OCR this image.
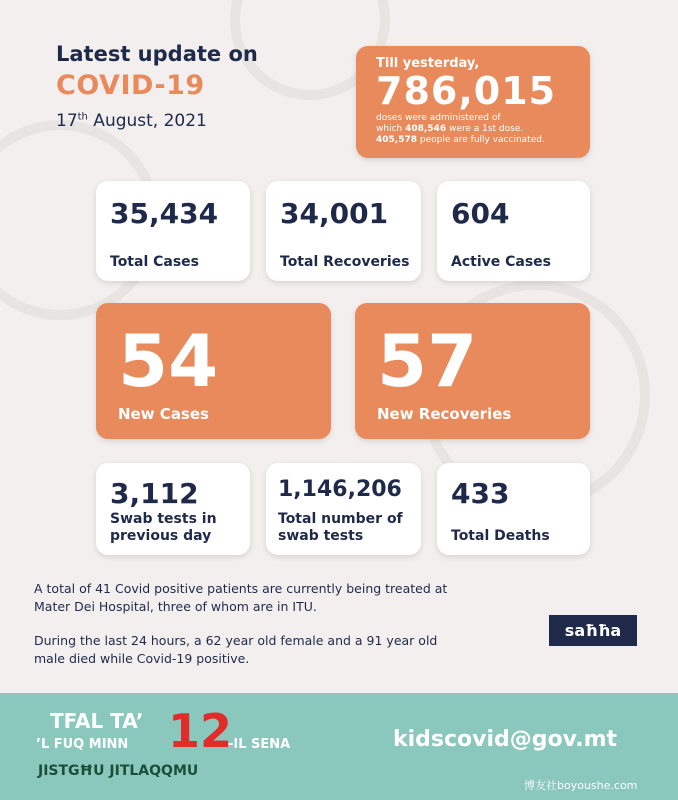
Latest update on
COVID-19
17th August, 2021
Till yesterday,
786,015
doses were administered of
which 408,546 were a 1st dose.
405,578 people are fully vaccinated.
35,434
Total Cases
34,001
Total Recoveries
604
Active Cases
54
New Cases
57
New Recoveries
3,112
Swab tests in
previous day
1,146,206
Total number of
swab tests
433
Total Deaths
A total of 41 Covid positive patients are currently being treated at
Mater Dei Hospital, three of whom are in ITU.
During the last 24 hours, a 62 year old female and a 91 year old
male died while Covid-19 positive.
saħħa
TFAL TA’
’L FUQ MINN 12
-IL SENA
JISTGĦU JITLAQQMU
kidscovid@gov.mt
博友社boyoushe.com
